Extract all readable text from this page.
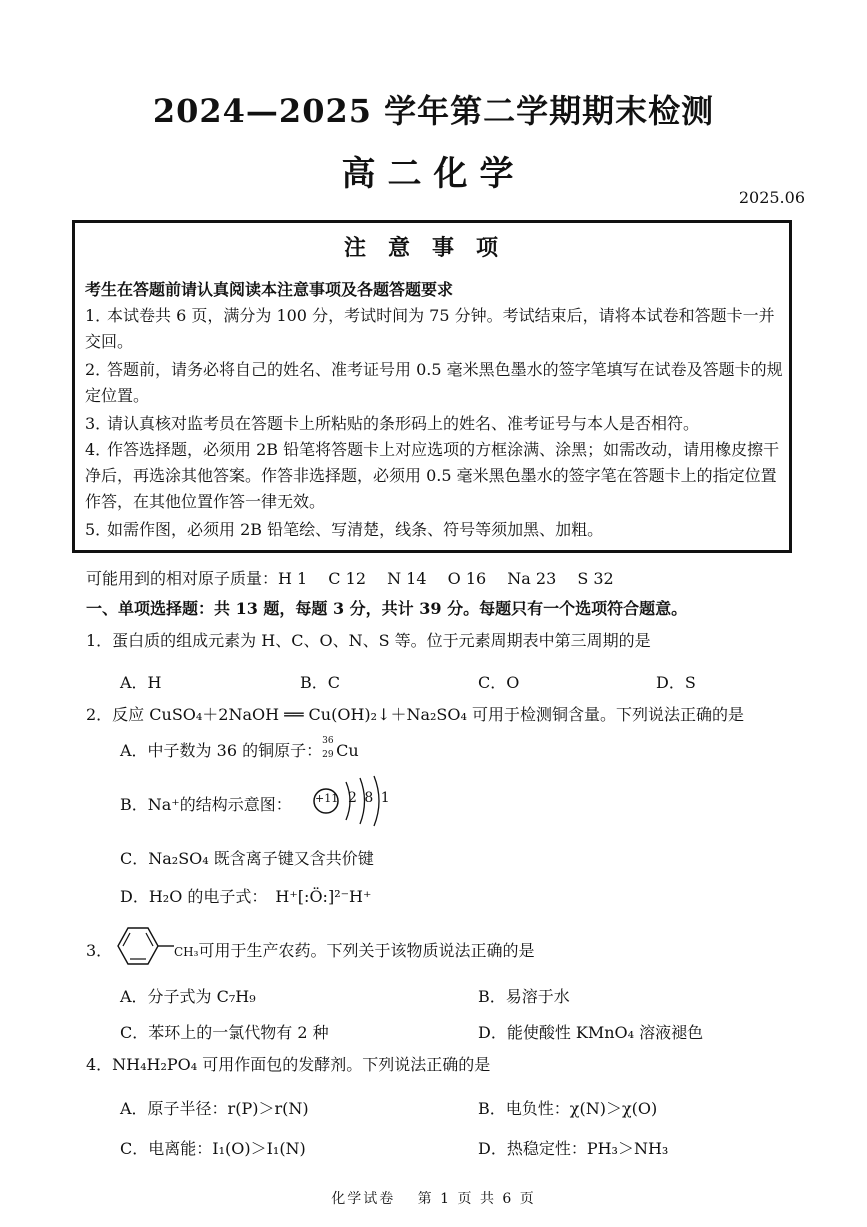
2024—2025 学年第二学期期末检测
高二化学
2025.06
注意事项
考生在答题前请认真阅读本注意事项及各题答题要求
1．本试卷共 6 页，满分为 100 分，考试时间为 75 分钟。考试结束后，请将本试卷和答题卡一并交回。
2．答题前，请务必将自己的姓名、准考证号用 0.5 毫米黑色墨水的签字笔填写在试卷及答题卡的规定位置。
3．请认真核对监考员在答题卡上所粘贴的条形码上的姓名、准考证号与本人是否相符。
4．作答选择题，必须用 2B 铅笔将答题卡上对应选项的方框涂满、涂黑；如需改动，请用橡皮擦干净后，再选涂其他答案。作答非选择题，必须用 0.5 毫米黑色墨水的签字笔在答题卡上的指定位置作答，在其他位置作答一律无效。
5．如需作图，必须用 2B 铅笔绘、写清楚，线条、符号等须加黑、加粗。
可能用到的相对原子质量：H 1　 C 12　 N 14　 O 16　 Na 23　 S 32
一、单项选择题：共 13 题，每题 3 分，共计 39 分。每题只有一个选项符合题意。
1．蛋白质的组成元素为 H、C、O、N、S 等。位于元素周期表中第三周期的是
A．H	B．C	C．O	D．S
2．反应 CuSO₄＋2NaOH ══ Cu(OH)₂↓＋Na₂SO₄ 可用于检测铜含量。下列说法正确的是
A．中子数为 36 的铜原子：
36
29 Cu
B．Na⁺的结构示意图： +11 2 8 1
C．Na₂SO₄ 既含离子键又含共价键
D．H₂O 的电子式： H⁺[:Ö:]²⁻H⁺
3．	CH₃可用于生产农药。下列关于该物质说法正确的是
A．分子式为 C₇H₉	B．易溶于水
C．苯环上的一氯代物有 2 种	D．能使酸性 KMnO₄ 溶液褪色
4．NH₄H₂PO₄ 可用作面包的发酵剂。下列说法正确的是
A．原子半径：r(P)＞r(N)	B．电负性：χ(N)＞χ(O)
C．电离能：I₁(O)＞I₁(N)	D．热稳定性：PH₃＞NH₃
化学试卷　 第 1 页 共 6 页
